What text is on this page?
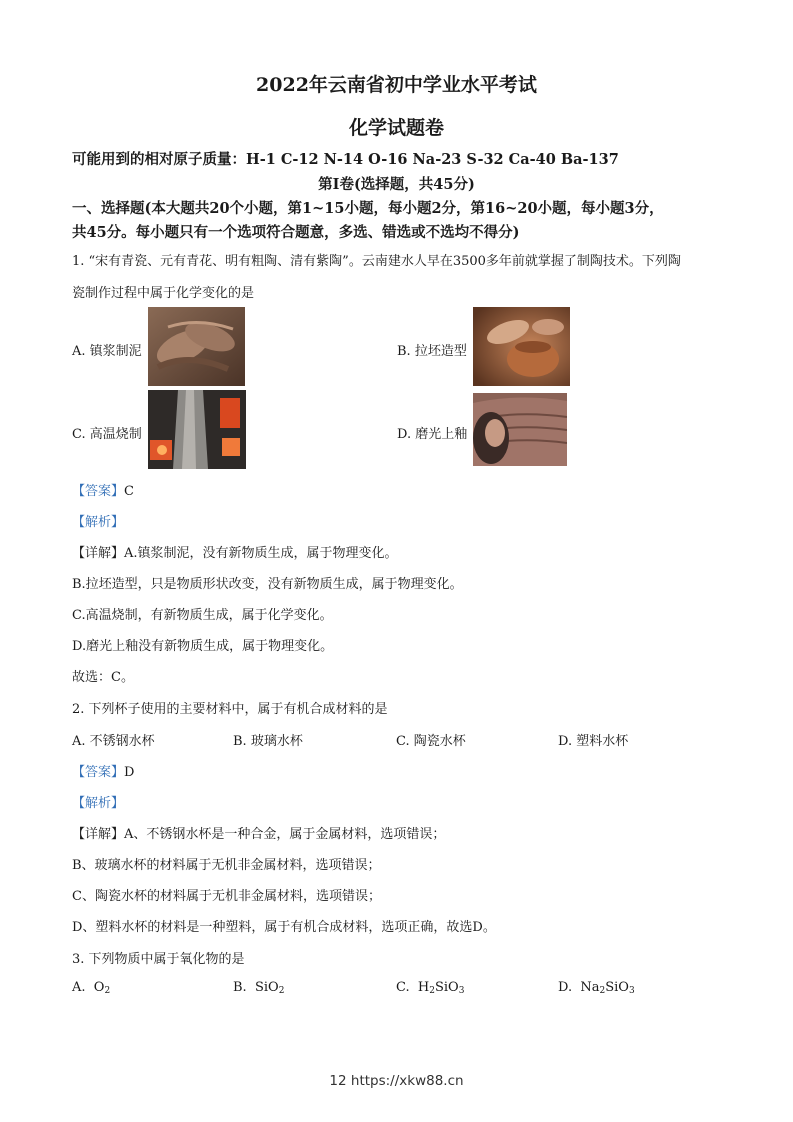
2022年云南省初中学业水平考试
化学试题卷
可能用到的相对原子质量：H-1 C-12 N-14 O-16 Na-23 S-32 Ca-40 Ba-137
第Ⅰ卷(选择题，共45分)
一、选择题(本大题共20个小题，第1~15小题，每小题2分，第16~20小题，每小题3分，
共45分。每小题只有一个选项符合题意，多选、错选或不选均不得分)
1. “宋有青瓷、元有青花、明有粗陶、清有紫陶”。云南建水人早在3500多年前就掌握了制陶技术。下列陶
瓷制作过程中属于化学变化的是
A. 镇浆制泥	B. 拉坯造型
C. 高温烧制	D. 磨光上釉
【答案】C
【解析】
【详解】A.镇浆制泥，没有新物质生成，属于物理变化。
B.拉坯造型，只是物质形状改变，没有新物质生成，属于物理变化。
C.高温烧制，有新物质生成，属于化学变化。
D.磨光上釉没有新物质生成，属于物理变化。
故选：C。
2. 下列杯子使用的主要材料中，属于有机合成材料的是
A. 不锈钢水杯	B. 玻璃水杯	C. 陶瓷水杯	D. 塑料水杯
【答案】D
【解析】
【详解】A、不锈钢水杯是一种合金，属于金属材料，选项错误；
B、玻璃水杯的材料属于无机非金属材料，选项错误；
C、陶瓷水杯的材料属于无机非金属材料，选项错误；
D、塑料水杯的材料是一种塑料，属于有机合成材料，选项正确，故选D。
3. 下列物质中属于氧化物的是
A. $O_2$	B. SiO$_2$	C. $H_2SiO_3$	D. $Na_2SiO_3$
12 https://xkw88.cn
